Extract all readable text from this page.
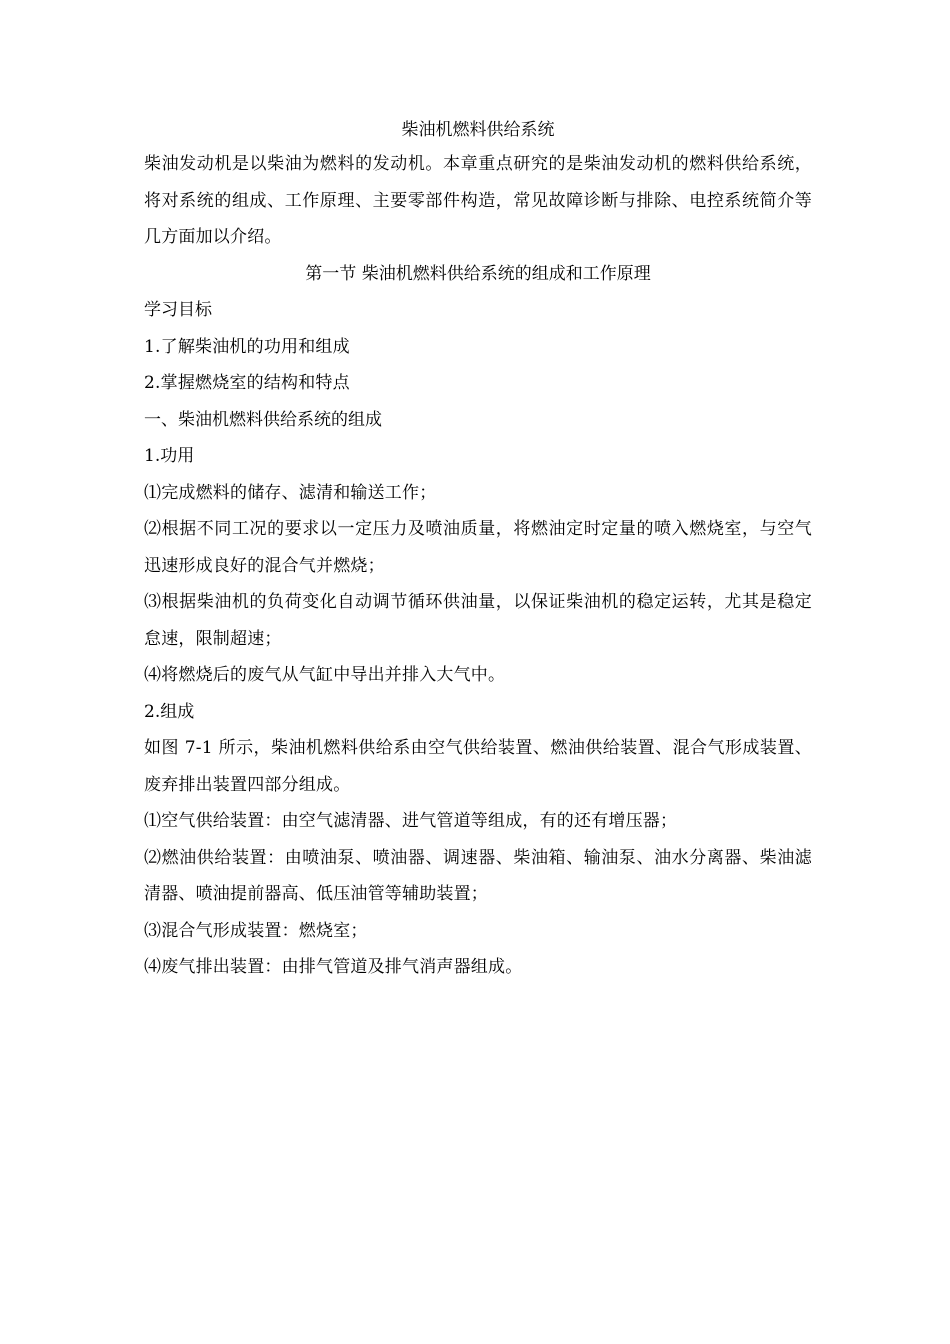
柴油机燃料供给系统
柴油发动机是以柴油为燃料的发动机。本章重点研究的是柴油发动机的燃料供给系统，将对系统的组成、工作原理、主要零部件构造，常见故障诊断与排除、电控系统简介等几方面加以介绍。
第一节 柴油机燃料供给系统的组成和工作原理
学习目标
1.了解柴油机的功用和组成
2.掌握燃烧室的结构和特点
一、柴油机燃料供给系统的组成
1.功用
⑴完成燃料的储存、滤清和输送工作；
⑵根据不同工况的要求以一定压力及喷油质量，将燃油定时定量的喷入燃烧室，与空气迅速形成良好的混合气并燃烧；
⑶根据柴油机的负荷变化自动调节循环供油量，以保证柴油机的稳定运转，尤其是稳定怠速，限制超速；
⑷将燃烧后的废气从气缸中导出并排入大气中。
2.组成
如图 7-1 所示，柴油机燃料供给系由空气供给装置、燃油供给装置、混合气形成装置、废弃排出装置四部分组成。
⑴空气供给装置：由空气滤清器、进气管道等组成，有的还有增压器；
⑵燃油供给装置：由喷油泵、喷油器、调速器、柴油箱、输油泵、油水分离器、柴油滤清器、喷油提前器高、低压油管等辅助装置；
⑶混合气形成装置：燃烧室；
⑷废气排出装置：由排气管道及排气消声器组成。
